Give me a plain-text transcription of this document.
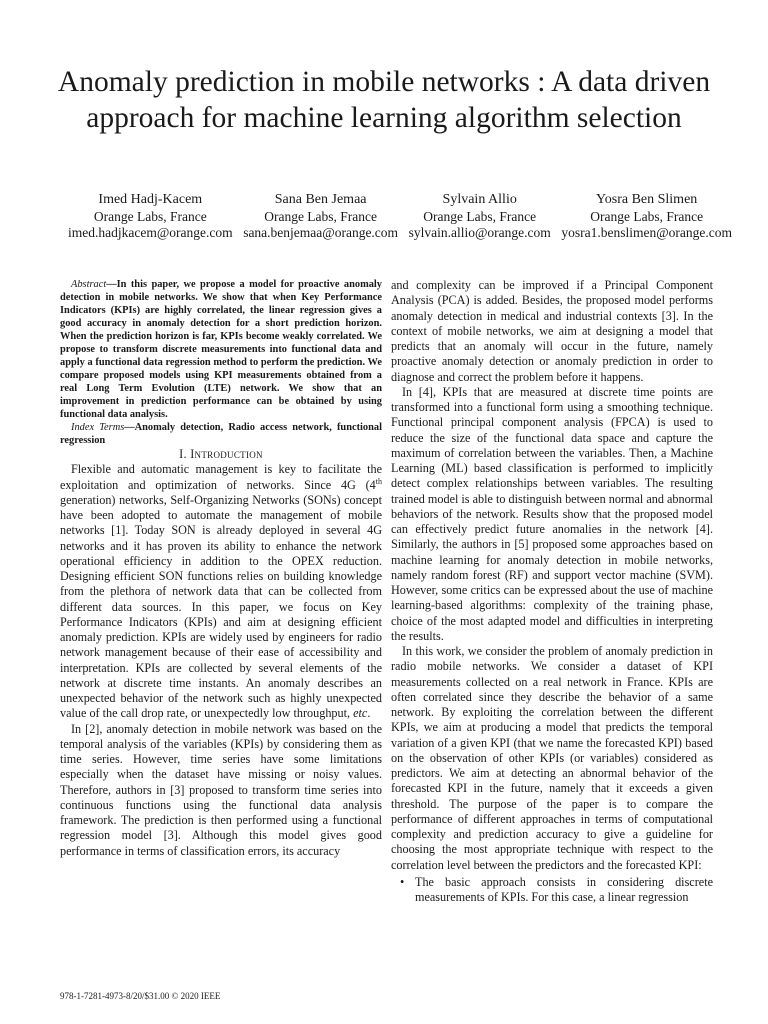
Anomaly prediction in mobile networks : A data driven approach for machine learning algorithm selection
Imed Hadj-Kacem
Orange Labs, France
imed.hadjkacem@orange.com
Sana Ben Jemaa
Orange Labs, France
sana.benjemaa@orange.com
Sylvain Allio
Orange Labs, France
sylvain.allio@orange.com
Yosra Ben Slimen
Orange Labs, France
yosra1.benslimen@orange.com

Abstract—In this paper, we propose a model for proactive anomaly detection in mobile networks. We show that when Key Performance Indicators (KPIs) are highly correlated, the linear regression gives a good accuracy in anomaly detection for a short prediction horizon. When the prediction horizon is far, KPIs become weakly correlated. We propose to transform discrete measurements into functional data and apply a functional data regression method to perform the prediction. We compare proposed models using KPI measurements obtained from a real Long Term Evolution (LTE) network. We show that an improvement in prediction performance can be obtained by using functional data analysis.

Index Terms—Anomaly detection, Radio access network, functional regression

I. Introduction

Flexible and automatic management is key to facilitate the exploitation and optimization of networks. Since 4G (4th generation) networks, Self-Organizing Networks (SONs) concept have been adopted to automate the management of mobile networks [1]. Today SON is already deployed in several 4G networks and it has proven its ability to enhance the network operational efficiency in addition to the OPEX reduction. Designing efficient SON functions relies on building knowledge from the plethora of network data that can be collected from different data sources. In this paper, we focus on Key Performance Indicators (KPIs) and aim at designing efficient anomaly prediction. KPIs are widely used by engineers for radio network management because of their ease of accessibility and interpretation. KPIs are collected by several elements of the network at discrete time instants. An anomaly describes an unexpected behavior of the network such as highly unexpected value of the call drop rate, or unexpectedly low throughput, etc.

In [2], anomaly detection in mobile network was based on the temporal analysis of the variables (KPIs) by considering them as time series. However, time series have some limitations especially when the dataset have missing or noisy values. Therefore, authors in [3] proposed to transform time series into continuous functions using the functional data analysis framework. The prediction is then performed using a functional regression model [3]. Although this model gives good performance in terms of classification errors, its accuracy

and complexity can be improved if a Principal Component Analysis (PCA) is added. Besides, the proposed model performs anomaly detection in medical and industrial contexts [3]. In the context of mobile networks, we aim at designing a model that predicts that an anomaly will occur in the future, namely proactive anomaly detection or anomaly prediction in order to diagnose and correct the problem before it happens.

In [4], KPIs that are measured at discrete time points are transformed into a functional form using a smoothing technique. Functional principal component analysis (FPCA) is used to reduce the size of the functional data space and capture the maximum of correlation between the variables. Then, a Machine Learning (ML) based classification is performed to implicitly detect complex relationships between variables. The resulting trained model is able to distinguish between normal and abnormal behaviors of the network. Results show that the proposed model can effectively predict future anomalies in the network [4]. Similarly, the authors in [5] proposed some approaches based on machine learning for anomaly detection in mobile networks, namely random forest (RF) and support vector machine (SVM). However, some critics can be expressed about the use of machine learning-based algorithms: complexity of the training phase, choice of the most adapted model and difficulties in interpreting the results.

In this work, we consider the problem of anomaly prediction in radio mobile networks. We consider a dataset of KPI measurements collected on a real network in France. KPIs are often correlated since they describe the behavior of a same network. By exploiting the correlation between the different KPIs, we aim at producing a model that predicts the temporal variation of a given KPI (that we name the forecasted KPI) based on the observation of other KPIs (or variables) considered as predictors. We aim at detecting an abnormal behavior of the forecasted KPI in the future, namely that it exceeds a given threshold. The purpose of the paper is to compare the performance of different approaches in terms of computational complexity and prediction accuracy to give a guideline for choosing the most appropriate technique with respect to the correlation level between the predictors and the forecasted KPI:

• The basic approach consists in considering discrete measurements of KPIs. For this case, a linear regression
978-1-7281-4973-8/20/$31.00 © 2020 IEEE
